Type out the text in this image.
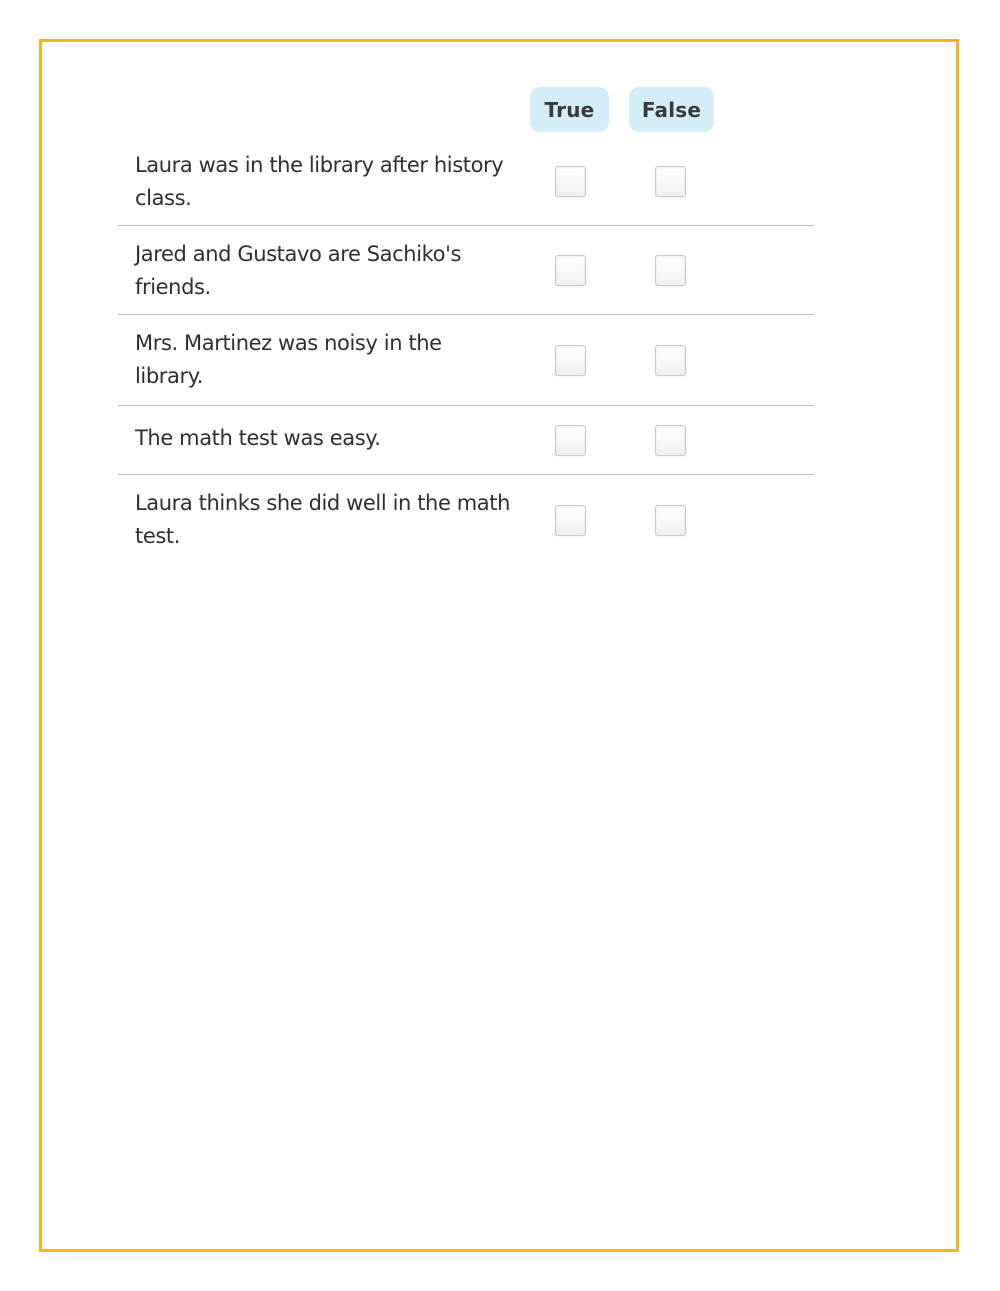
True	False
Laura was in the library after history class.
Jared and Gustavo are Sachiko's friends.
Mrs. Martinez was noisy in the library.
The math test was easy.
Laura thinks she did well in the math test.
